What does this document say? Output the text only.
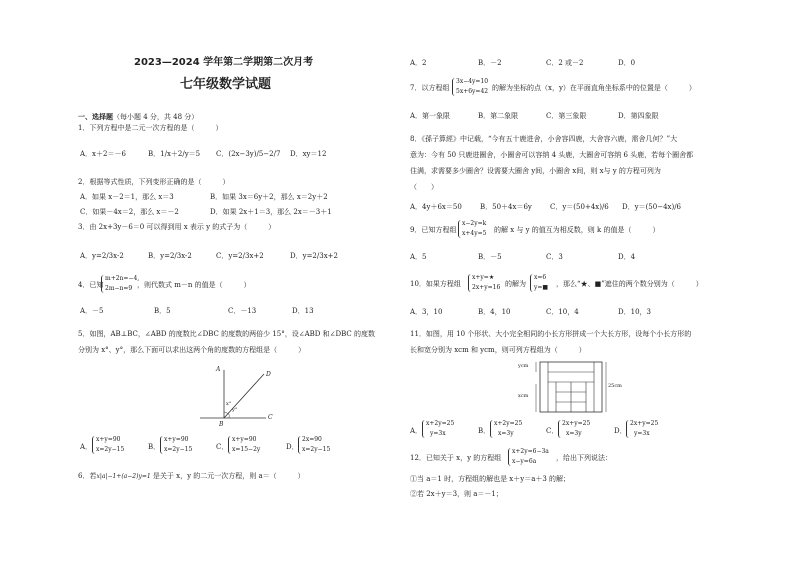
2023—2024 学年第二学期第二次月考
七年级数学试题
一、选择题（每小题 4 分，共 48 分）
1．下列方程中是二元一次方程的是（　　　）
A．x＋2＝－6	B．1/x＋2/y＝5 C．(2x−3y)/5−2/7 D．xy＝12
2．根据等式性质，下列变形正确的是（　　　）
A．如果 x－2＝1，那么 x＝3	B．如果 3x＝6y＋2，那么 x＝2y＋2
C．如果－4x＝2，那么 x＝－2	D．如果 2x＋1＝3，那么 2x＝－3＋1
3．由 2x+3y－6＝0 可以得到用 x 表示 y 的式子为（　　　）
A．y=2/3x-2	B．y=2/3x-2	C．y=2/3x+2	D．y=2/3x+2
4．已知
m+2n=−4,
2m−n=9 ，则代数式 m－n 的值是（　　　）
A．－5	B．5	C．－13	D．13
5．如图，AB⊥BC，∠ABD 的度数比∠DBC 的度数的两倍少 15°，设∠ABD 和∠DBC 的度数
分别为 x°、y°，那么下面可以求出这两个角的度数的方程组是（　　　）
A
D
B
C
x°
y°
A．
x+y=90
x=2y−15	B．
x+y=90
x=2y−15	C．
x+y=90
x=15−2y	D．
2x=90
x=2y−15
6．若x|a|−1+(a−2)y=1 是关于 x，y 的二元一次方程，则 a＝（　　　）
A．2	B．－2	C．2 或－2	D．0
7．以方程组
3x−4y=10
5x+6y=42 的解为坐标的点（x，y）在平面直角坐标系中的位置是（　　　）
A．第一象限	B．第二象限	C．第三象限	D．第四象限
8．《孫子算經》中记载，“今有五十鹿进舍，小舍容四鹿，大舍容六鹿，需舍几何？”大
意为：今有 50 只鹿进圈舍，小圈舍可以容纳 4 头鹿，大圈舍可容纳 6 头鹿，若每个圈舍都
住满，求需要多少圈舍？设需要大圈舍 y间，小圈舍 x间，则 x与 y 的方程可列为
（　　）
A．4y＋6x＝50	B．50＋4x＝6y	C．y＝(50+4x)/6 D．y＝(50−4x)/6
9．已知方程组
x−2y=k
x+4y=5 的解 x 与 y 的值互为相反数，则 k 的值是（　　　）
A．5	B．－5	C．3	D．4
10．如果方程组
x+y=★
2x+y=16 的解为
x=6
y=■ ，那么“★、■”遮住的两个数分别为（　　　）
A．3，10	B．4，10	C．10，4	D．10，3
11．如图，用 10 个形状、大小完全相同的小长方形拼成一个大长方形，设每个小长方形的
长和宽分别为 xcm 和 ycm，则可列方程组为（　　　）
ycm
xcm
25cm
A．
x+2y=25
y=3x	B．
x+2y=25
x=3y	C．
2x+y=25
x=3y	D．
2x+y=25
y=3x
12．已知关于 x，y 的方程组
x+2y=6−3a
x−y=6a	，给出下列说法：
①当 a＝1 时，方程组的解也是 x＋y＝a＋3 的解；
②若 2x＋y＝3，则 a＝－1；
